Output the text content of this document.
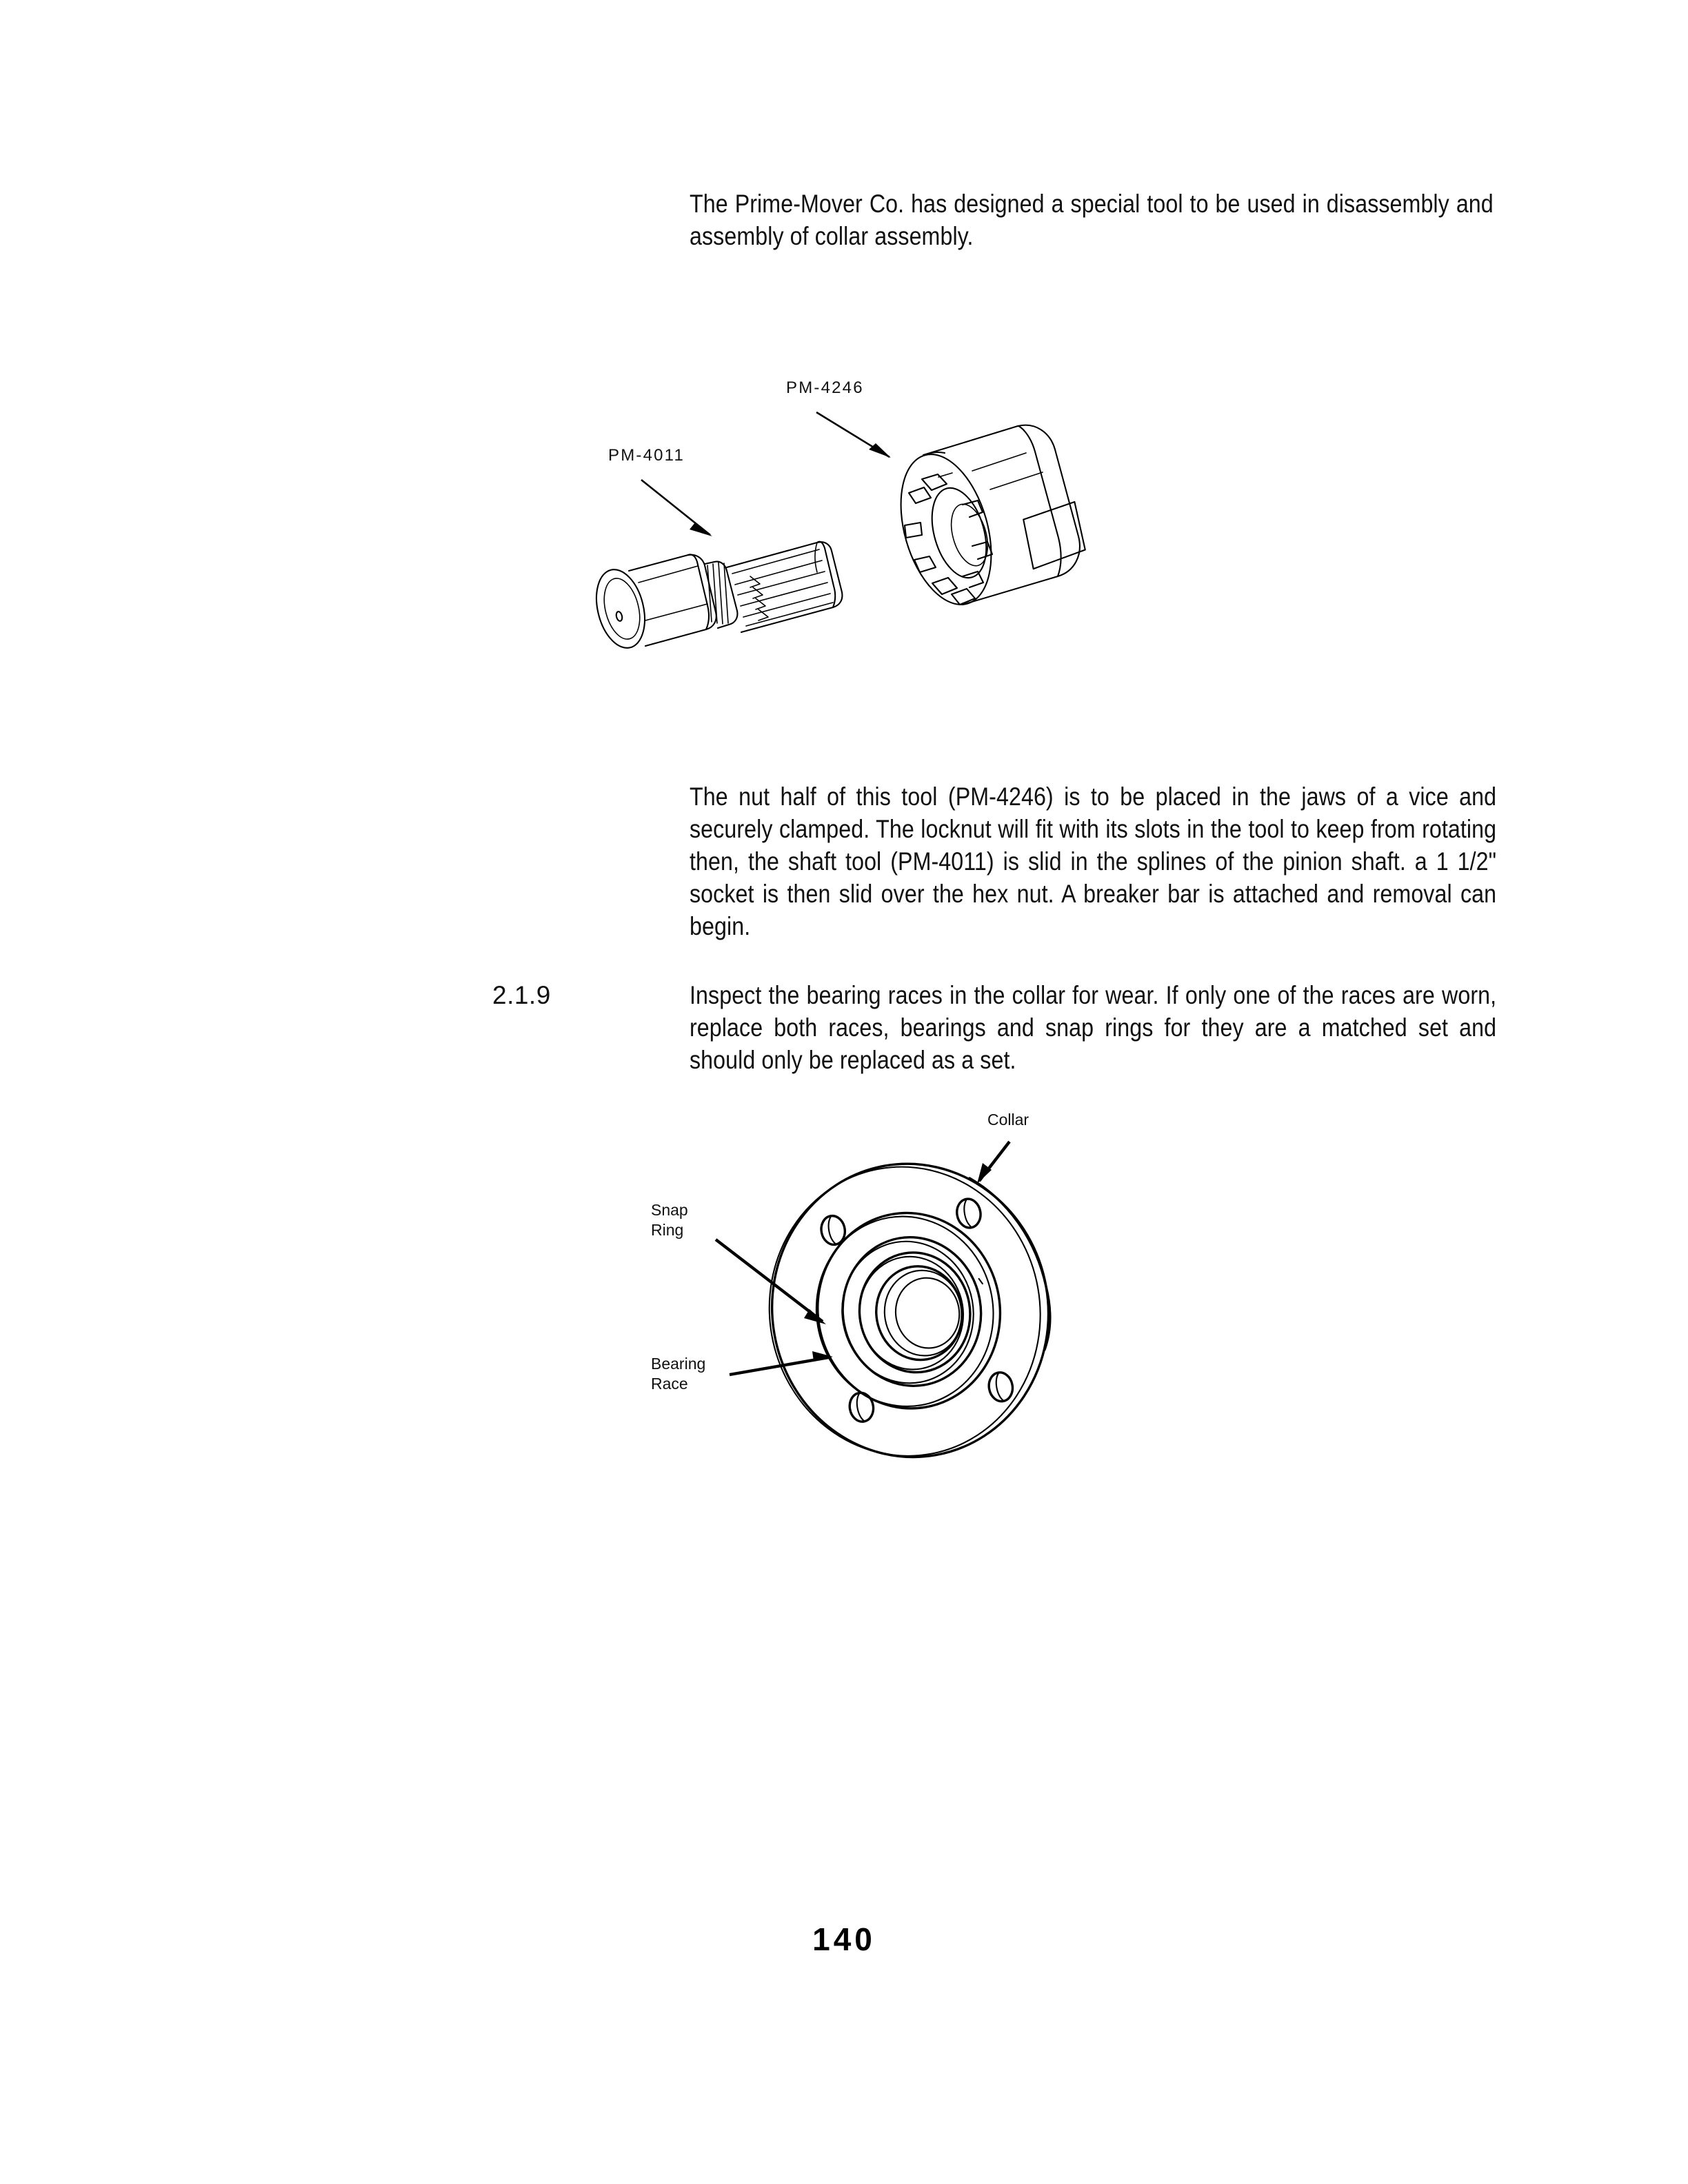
The Prime-Mover Co. has designed a special tool to be used in disassembly and assembly of collar assembly.
PM-4246
PM-4011
The nut half of this tool (PM-4246) is to be placed in the jaws of a vice and securely clamped. The locknut will fit with its slots in the tool to keep from rotating then, the shaft tool (PM-4011) is slid in the splines of the pinion shaft. a 1 1/2" socket is then slid over the hex nut. A breaker bar is attached and removal can begin.
2.1.9	Inspect the bearing races in the collar for wear. If only one of the races are worn, replace both races, bearings and snap rings for they are a matched set and should only be replaced as a set.
Collar
Snap
Ring
Bearing
Race
140
